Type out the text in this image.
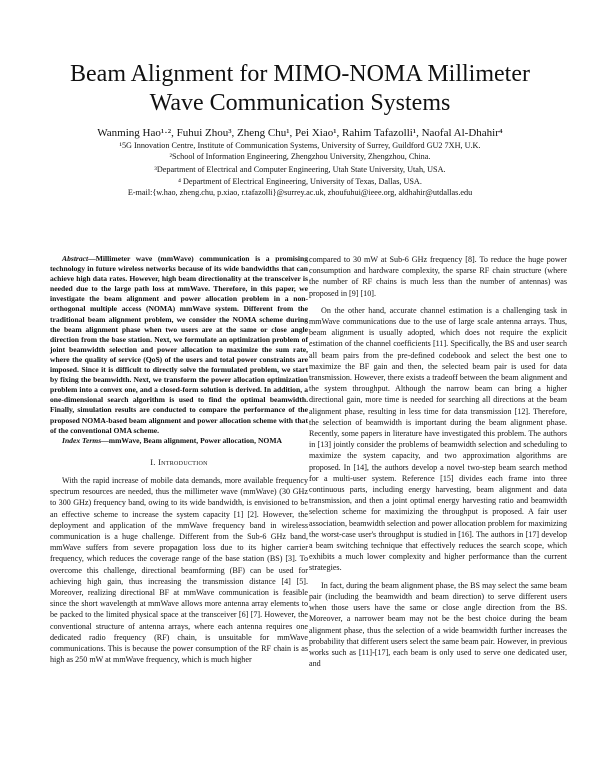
Beam Alignment for MIMO-NOMA Millimeter
Wave Communication Systems
Wanming Hao¹·², Fuhui Zhou³, Zheng Chu¹, Pei Xiao¹, Rahim Tafazolli¹, Naofal Al-Dhahir⁴
¹5G Innovation Centre, Institute of Communication Systems, University of Surrey, Guildford GU2 7XH, U.K.
²School of Information Engineering, Zhengzhou University, Zhengzhou, China.
³Department of Electrical and Computer Engineering, Utah State University, Utah, USA.
⁴ Department of Electrical Engineering, University of Texas, Dallas, USA.
E-mail:{w.hao, zheng.chu, p.xiao, r.tafazolli}@surrey.ac.uk, zhoufuhui@ieee.org, aldhahir@utdallas.edu

Abstract—Millimeter wave (mmWave) communication is a promising technology in future wireless networks because of its wide bandwidths that can achieve high data rates. However, high beam directionality at the transceiver is needed due to the large path loss at mmWave. Therefore, in this paper, we investigate the beam alignment and power allocation problem in a non-orthogonal multiple access (NOMA) mmWave system. Different from the traditional beam alignment problem, we consider the NOMA scheme during the beam alignment phase when two users are at the same or close angle direction from the base station. Next, we formulate an optimization problem of joint beamwidth selection and power allocation to maximize the sum rate, where the quality of service (QoS) of the users and total power constraints are imposed. Since it is difficult to directly solve the formulated problem, we start by fixing the beamwidth. Next, we transform the power allocation optimization problem into a convex one, and a closed-form solution is derived. In addition, a one-dimensional search algorithm is used to find the optimal beamwidth. Finally, simulation results are conducted to compare the performance of the proposed NOMA-based beam alignment and power allocation scheme with that of the conventional OMA scheme.

Index Terms—mmWave, Beam alignment, Power allocation, NOMA

I. Introduction

With the rapid increase of mobile data demands, more available frequency spectrum resources are needed, thus the millimeter wave (mmWave) (30 GHz to 300 GHz) frequency band, owing to its wide bandwidth, is envisioned to be an effective scheme to increase the system capacity [1] [2]. However, the deployment and application of the mmWave frequency band in wireless communication is a huge challenge. Different from the Sub-6 GHz band, mmWave suffers from severe propagation loss due to its higher carrier frequency, which reduces the coverage range of the base station (BS) [3]. To overcome this challenge, directional beamforming (BF) can be used for achieving high gain, thus increasing the transmission distance [4] [5]. Moreover, realizing directional BF at mmWave communication is feasible since the short wavelength at mmWave allows more antenna array elements to be packed to the limited physical space at the transceiver [6] [7]. However, the conventional structure of antenna arrays, where each antenna requires one dedicated radio frequency (RF) chain, is unsuitable for mmWave communications. This is because the power consumption of the RF chain is as high as 250 mW at mmWave frequency, which is much higher

compared to 30 mW at Sub-6 GHz frequency [8]. To reduce the huge power consumption and hardware complexity, the sparse RF chain structure (where the number of RF chains is much less than the number of antennas) was proposed in [9] [10].

On the other hand, accurate channel estimation is a challenging task in mmWave communications due to the use of large scale antenna arrays. Thus, beam alignment is usually adopted, which does not require the explicit estimation of the channel coefficients [11]. Specifically, the BS and user search all beam pairs from the pre-defined codebook and select the best one to maximize the BF gain and then, the selected beam pair is used for data transmission. However, there exists a tradeoff between the beam alignment and the system throughput. Although the narrow beam can bring a higher directional gain, more time is needed for searching all directions at the beam alignment phase, resulting in less time for data transmission [12]. Therefore, the selection of beamwidth is important during the beam alignment phase. Recently, some papers in literature have investigated this problem. The authors in [13] jointly consider the problems of beamwidth selection and scheduling to maximize the system capacity, and two approximation algorithms are proposed. In [14], the authors develop a novel two-step beam search method for a multi-user system. Reference [15] divides each frame into three continuous parts, including energy harvesting, beam alignment and data transmission, and then a joint optimal energy harvesting ratio and beamwidth selection scheme for maximizing the throughput is proposed. A fair user association, beamwidth selection and power allocation problem for maximizing the worst-case user's throughput is studied in [16]. The authors in [17] develop a beam switching technique that effectively reduces the search scope, which exhibits a much lower complexity and higher performance than the current strategies.

In fact, during the beam alignment phase, the BS may select the same beam pair (including the beamwidth and beam direction) to serve different users when those users have the same or close angle direction from the BS. Moreover, a narrower beam may not be the best choice during the beam alignment phase, thus the selection of a wide beamwidth further increases the probability that different users select the same beam pair. However, in previous works such as [11]-[17], each beam is only used to serve one dedicated user, and
